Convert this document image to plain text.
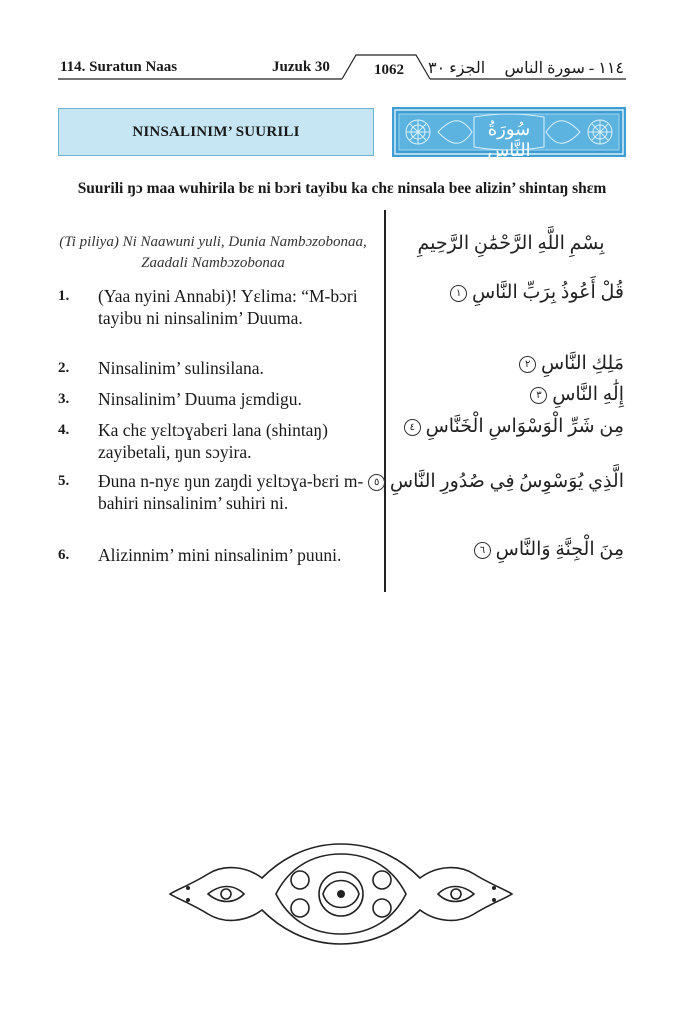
114. Suratun Naas	Juzuk 30	1062	الجزء ٣٠ ١١٤ - سورة الناس
NINSALINIM’ SUURILI	سُورَةُ النَّاسِ
Suurili ŋɔ maa wuhirila bɛ ni bɔri tayibu ka chɛ ninsala bee alizin’ shintaŋ shɛm
(Ti piliya) Ni Naawuni yuli, Dunia Nambɔzobonaa, Zaadali Nambɔzobonaa
بِسْمِ اللَّهِ الرَّحْمَٰنِ الرَّحِيمِ
1. (Yaa nyini Annabi)! Yɛlima: “M-bɔri tayibu ni ninsalinim’ Duuma.
2. Ninsalinim’ sulinsilana.
3. Ninsalinim’ Duuma jɛmdigu.
4. Ka chɛ yɛltɔɣabɛri lana (shintaŋ) zayibetali, ŋun sɔyira.
5. Ðuna n-nyɛ ŋun zaŋdi yɛltɔɣa-bɛri m-bahiri ninsalinim’ suhiri ni.
6. Alizinnim’ mini ninsalinim’ puuni.
قُلْ أَعُوذُ بِرَبِّ النَّاسِ ١
مَلِكِ النَّاسِ ٢
إِلَٰهِ النَّاسِ ٣
مِن شَرِّ الْوَسْوَاسِ الْخَنَّاسِ ٤
الَّذِي يُوَسْوِسُ فِي صُدُورِ النَّاسِ ٥
مِنَ الْجِنَّةِ وَالنَّاسِ ٦
